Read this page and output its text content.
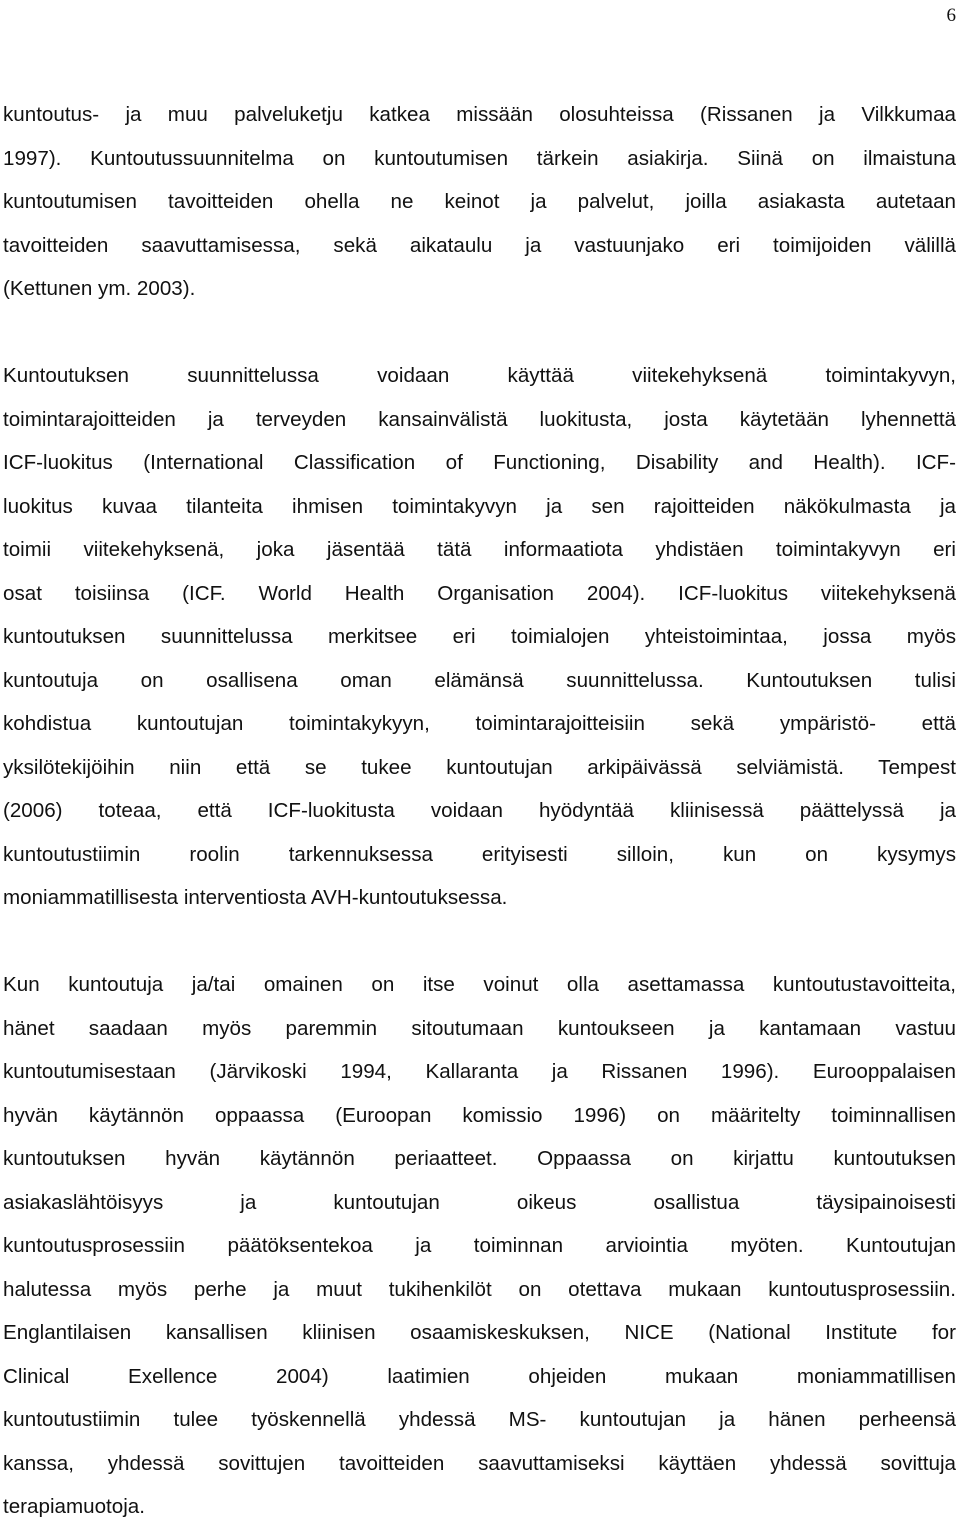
6
kuntoutus- ja muu palveluketju katkea missään olosuhteissa (Rissanen ja Vilkkumaa
1997). Kuntoutussuunnitelma on kuntoutumisen tärkein asiakirja. Siinä on ilmaistuna
kuntoutumisen tavoitteiden ohella ne keinot ja palvelut, joilla asiakasta autetaan
tavoitteiden saavuttamisessa, sekä aikataulu ja vastuunjako eri toimijoiden välillä
(Kettunen ym. 2003).
Kuntoutuksen suunnittelussa voidaan käyttää viitekehyksenä toimintakyvyn,
toimintarajoitteiden ja terveyden kansainvälistä luokitusta, josta käytetään lyhennettä
ICF-luokitus (International Classification of Functioning, Disability and Health). ICF-
luokitus kuvaa tilanteita ihmisen toimintakyvyn ja sen rajoitteiden näkökulmasta ja
toimii viitekehyksenä, joka jäsentää tätä informaatiota yhdistäen toimintakyvyn eri
osat toisiinsa (ICF. World Health Organisation 2004). ICF-luokitus viitekehyksenä
kuntoutuksen suunnittelussa merkitsee eri toimialojen yhteistoimintaa, jossa myös
kuntoutuja on osallisena oman elämänsä suunnittelussa. Kuntoutuksen tulisi
kohdistua kuntoutujan toimintakykyyn, toimintarajoitteisiin sekä ympäristö- että
yksilötekijöihin niin että se tukee kuntoutujan arkipäivässä selviämistä. Tempest
(2006) toteaa, että ICF-luokitusta voidaan hyödyntää kliinisessä päättelyssä ja
kuntoutustiimin roolin tarkennuksessa erityisesti silloin, kun on kysymys
moniammatillisesta interventiosta AVH-kuntoutuksessa.
Kun kuntoutuja ja/tai omainen on itse voinut olla asettamassa kuntoutustavoitteita,
hänet saadaan myös paremmin sitoutumaan kuntoukseen ja kantamaan vastuu
kuntoutumisestaan (Järvikoski 1994, Kallaranta ja Rissanen 1996). Eurooppalaisen
hyvän käytännön oppaassa (Euroopan komissio 1996) on määritelty toiminnallisen
kuntoutuksen hyvän käytännön periaatteet. Oppaassa on kirjattu kuntoutuksen
asiakaslähtöisyys ja kuntoutujan oikeus osallistua täysipainoisesti
kuntoutusprosessiin päätöksentekoa ja toiminnan arviointia myöten. Kuntoutujan
halutessa myös perhe ja muut tukihenkilöt on otettava mukaan kuntoutusprosessiin.
Englantilaisen kansallisen kliinisen osaamiskeskuksen, NICE (National Institute for
Clinical Exellence 2004) laatimien ohjeiden mukaan moniammatillisen
kuntoutustiimin tulee työskennellä yhdessä MS- kuntoutujan ja hänen perheensä
kanssa, yhdessä sovittujen tavoitteiden saavuttamiseksi käyttäen yhdessä sovittuja
terapiamuotoja.
